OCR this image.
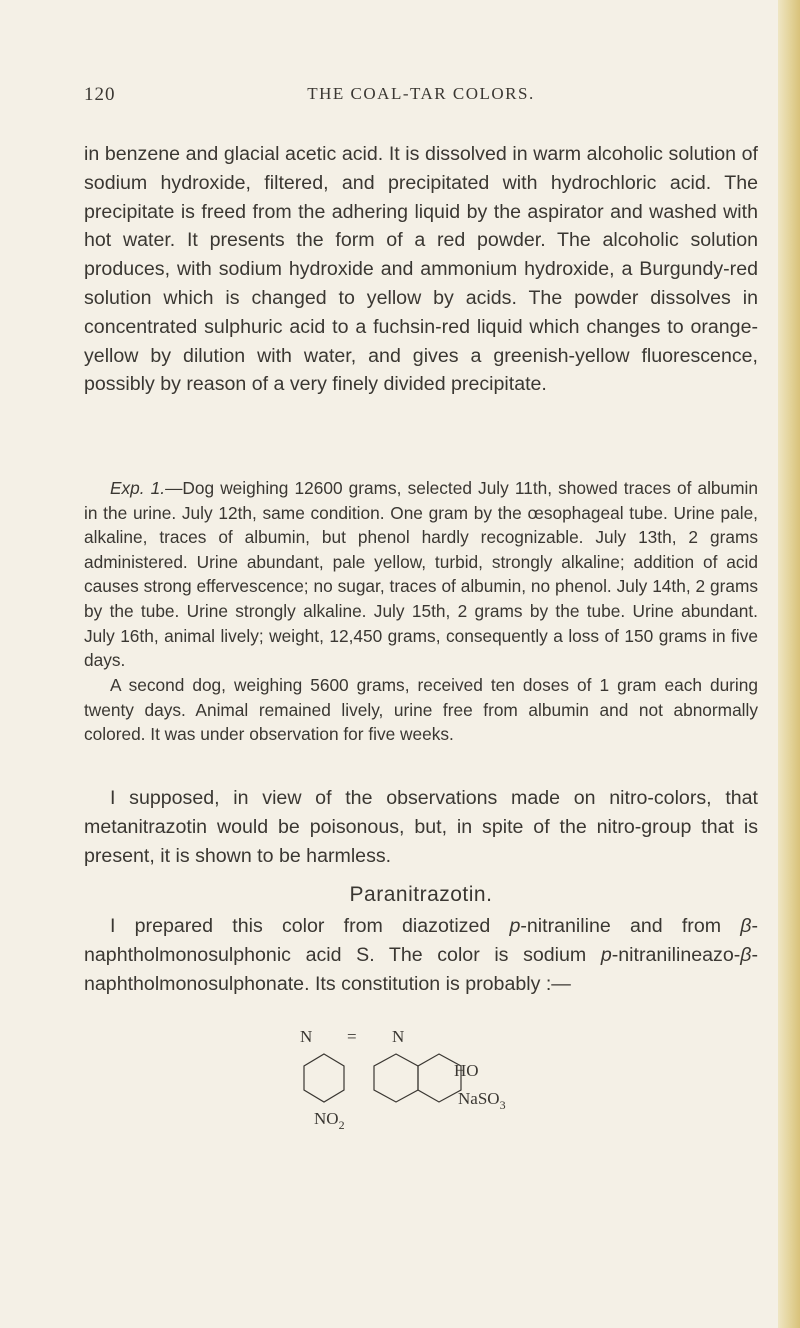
120	THE COAL-TAR COLORS.

in benzene and glacial acetic acid. It is dissolved in warm alcoholic solution of sodium hydroxide, filtered, and precipitated with hydrochloric acid. The precipitate is freed from the adhering liquid by the aspirator and washed with hot water. It presents the form of a red powder. The alcoholic solution produces, with sodium hydroxide and ammonium hydroxide, a Burgundy-red solution which is changed to yellow by acids. The powder dissolves in concentrated sulphuric acid to a fuchsin-red liquid which changes to orange-yellow by dilution with water, and gives a greenish-yellow fluorescence, possibly by reason of a very finely divided precipitate.

Exp. 1.—Dog weighing 12600 grams, selected July 11th, showed traces of albumin in the urine. July 12th, same condition. One gram by the œsophageal tube. Urine pale, alkaline, traces of albumin, but phenol hardly recognizable. July 13th, 2 grams administered. Urine abundant, pale yellow, turbid, strongly alkaline; addition of acid causes strong effervescence; no sugar, traces of albumin, no phenol. July 14th, 2 grams by the tube. Urine strongly alkaline. July 15th, 2 grams by the tube. Urine abundant. July 16th, animal lively; weight, 12,450 grams, consequently a loss of 150 grams in five days.

A second dog, weighing 5600 grams, received ten doses of 1 gram each during twenty days. Animal remained lively, urine free from albumin and not abnormally colored. It was under observation for five weeks.

I supposed, in view of the observations made on nitro-colors, that metanitrazotin would be poisonous, but, in spite of the nitro-group that is present, it is shown to be harmless.

Paranitrazotin.

I prepared this color from diazotized p-nitraniline and from β-naphtholmonosulphonic acid S. The color is sodium p-nitranilineazo-β-naphtholmonosulphonate. Its constitution is probably :—

N = N
HO
NaSO$_3$
$NO_2$
